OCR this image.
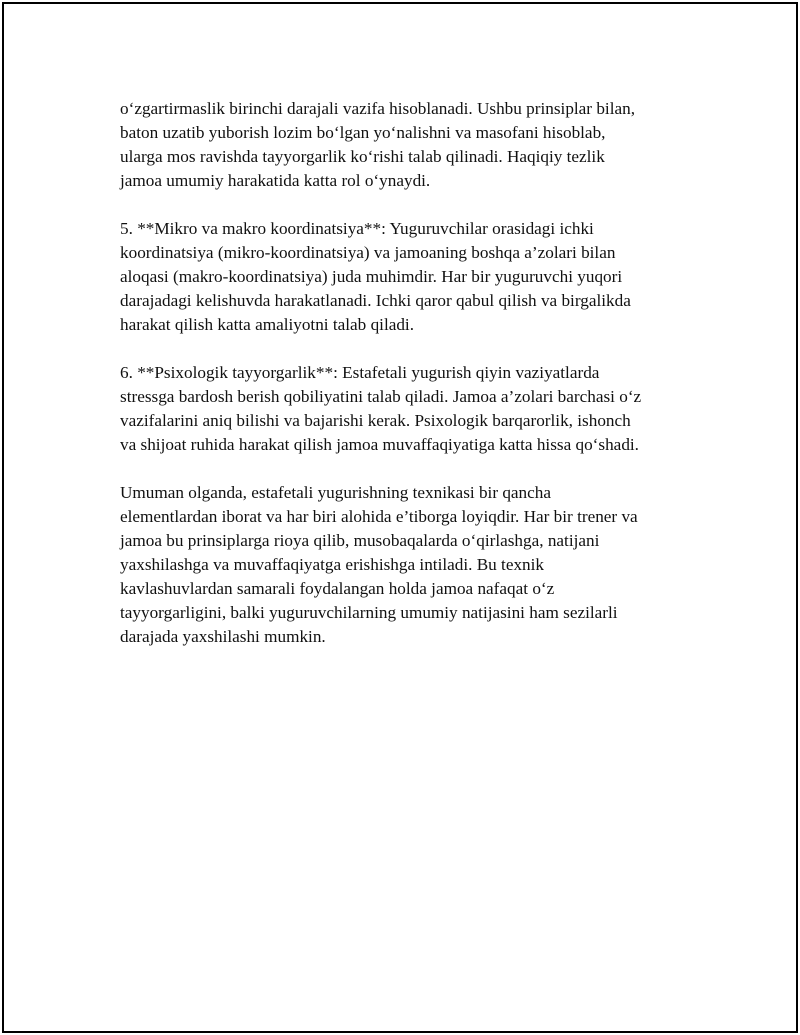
o‘zgartirmaslik birinchi darajali vazifa hisoblanadi. Ushbu prinsiplar bilan,
baton uzatib yuborish lozim bo‘lgan yo‘nalishni va masofani hisoblab,
ularga mos ravishda tayyorgarlik ko‘rishi talab qilinadi. Haqiqiy tezlik
jamoa umumiy harakatida katta rol o‘ynaydi.

5. **Mikro va makro koordinatsiya**: Yuguruvchilar orasidagi ichki
koordinatsiya (mikro-koordinatsiya) va jamoaning boshqa a’zolari bilan
aloqasi (makro-koordinatsiya) juda muhimdir. Har bir yuguruvchi yuqori
darajadagi kelishuvda harakatlanadi. Ichki qaror qabul qilish va birgalikda
harakat qilish katta amaliyotni talab qiladi.

6. **Psixologik tayyorgarlik**: Estafetali yugurish qiyin vaziyatlarda
stressga bardosh berish qobiliyatini talab qiladi. Jamoa a’zolari barchasi o‘z
vazifalarini aniq bilishi va bajarishi kerak. Psixologik barqarorlik, ishonch
va shijoat ruhida harakat qilish jamoa muvaffaqiyatiga katta hissa qo‘shadi.

Umuman olganda, estafetali yugurishning texnikasi bir qancha
elementlardan iborat va har biri alohida e’tiborga loyiqdir. Har bir trener va
jamoa bu prinsiplarga rioya qilib, musobaqalarda o‘qirlashga, natijani
yaxshilashga va muvaffaqiyatga erishishga intiladi. Bu texnik
kavlashuvlardan samarali foydalangan holda jamoa nafaqat o‘z
tayyorgarligini, balki yuguruvchilarning umumiy natijasini ham sezilarli
darajada yaxshilashi mumkin.
